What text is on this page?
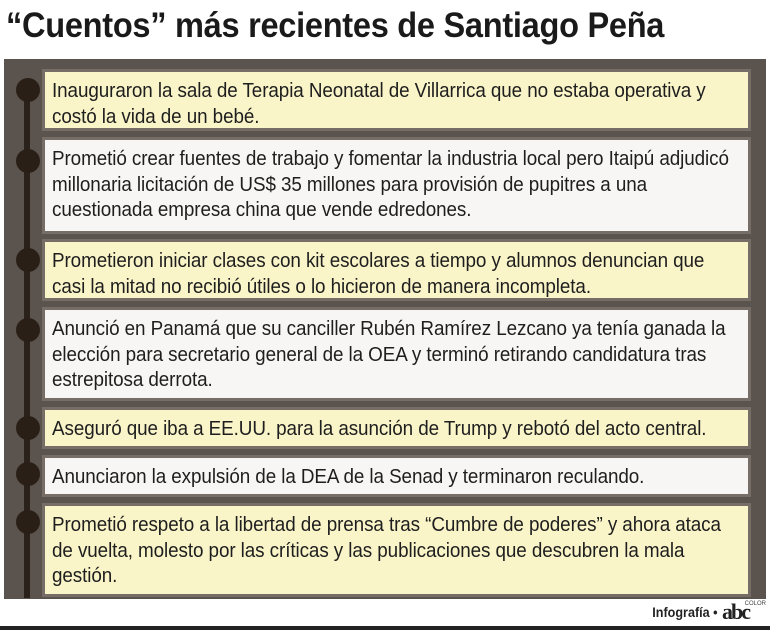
“Cuentos” más recientes de Santiago Peña
Inauguraron la sala de Terapia Neonatal de Villarrica que no estaba operativa y costó la vida de un bebé.
Prometió crear fuentes de trabajo y fomentar la industria local pero Itaipú adjudicó millonaria licitación de US$ 35 millones para provisión de pupitres a una cuestionada empresa china que vende edredones.
Prometieron iniciar clases con kit escolares a tiempo y alumnos denuncian que casi la mitad no recibió útiles o lo hicieron de manera incompleta.
Anunció en Panamá que su canciller Rubén Ramírez Lezcano ya tenía ganada la elección para secretario general de la OEA y terminó retirando candidatura tras estrepitosa derrota.
Aseguró que iba a EE.UU. para la asunción de Trump y rebotó del acto central.
Anunciaron la expulsión de la DEA de la Senad y terminaron reculando.
Prometió respeto a la libertad de prensa tras “Cumbre de poderes” y ahora ataca de vuelta, molesto por las críticas y las publicaciones que descubren la mala gestión.
Infografía • abc
COLOR
